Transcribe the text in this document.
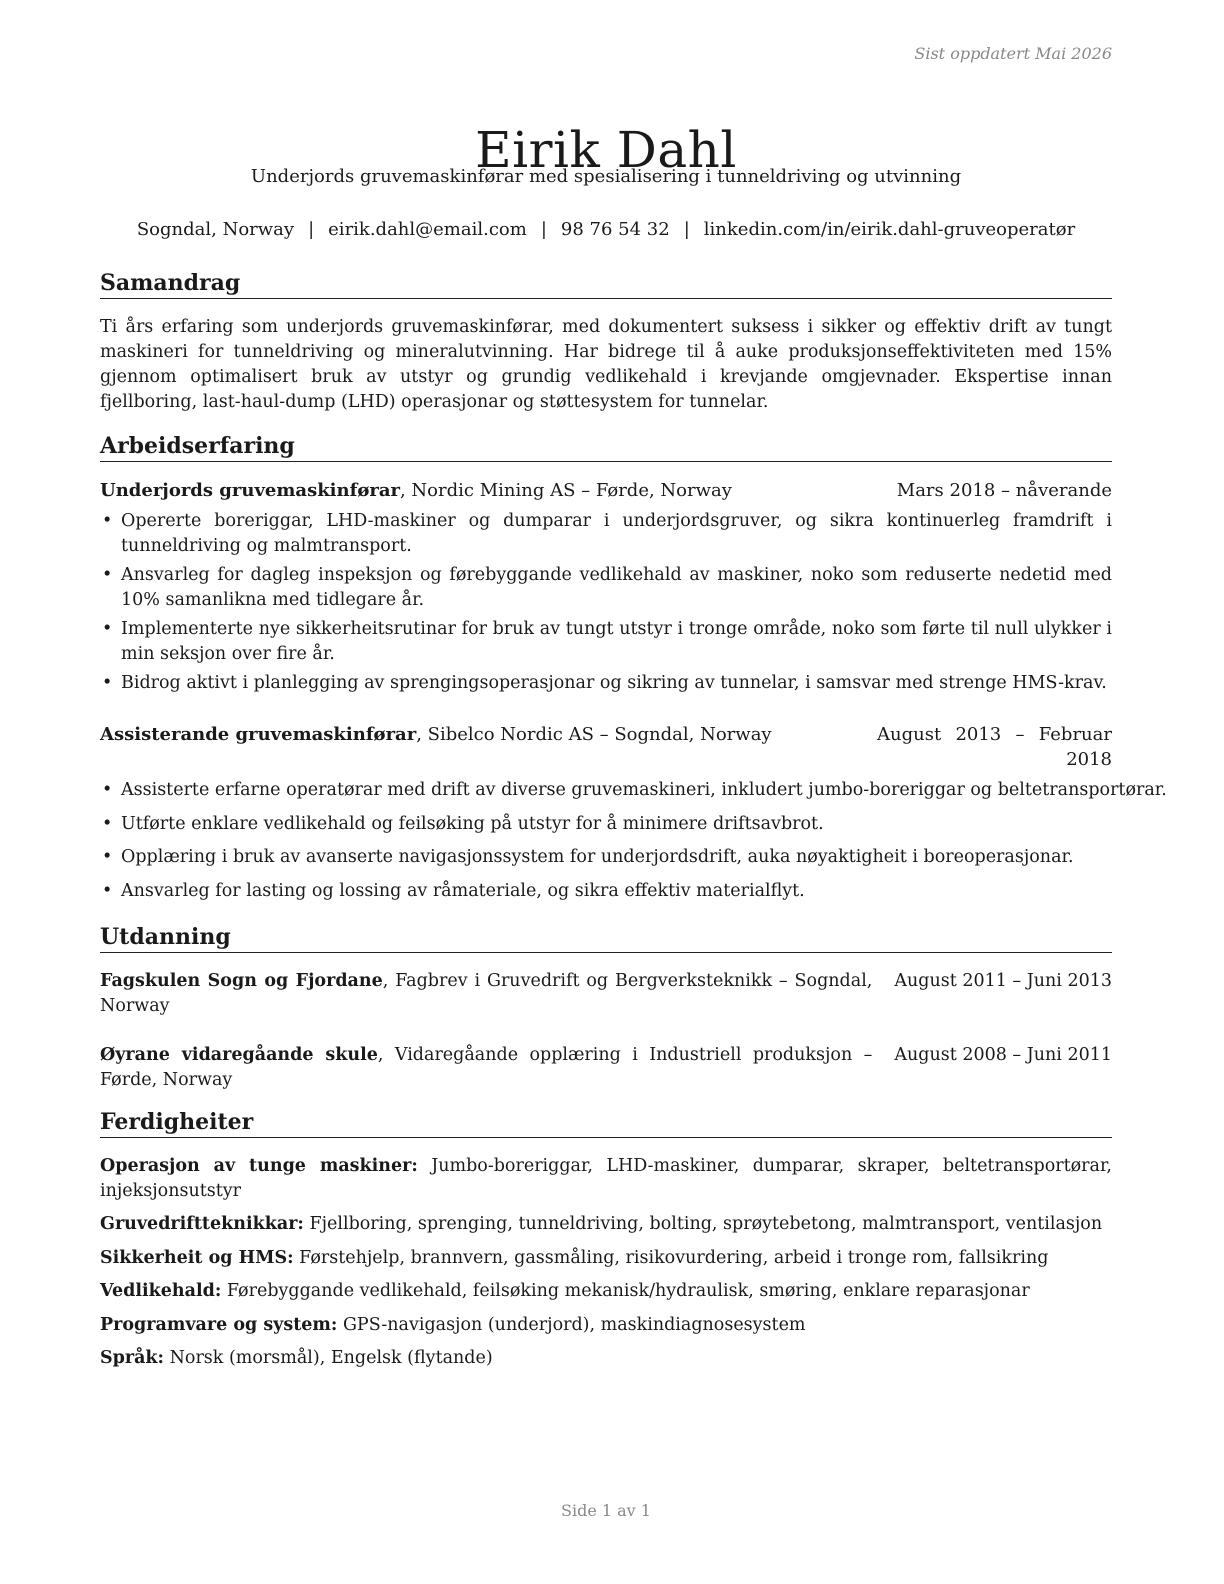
Sist oppdatert Mai 2026
Eirik Dahl
Underjords gruvemaskinførar med spesialisering i tunneldriving og utvinning
Sogndal, Norway | eirik.dahl@email.com | 98 76 54 32 | linkedin.com/in/eirik.dahl-gruveoperatør
Samandrag

Ti års erfaring som underjords gruvemaskinførar, med dokumentert suksess i sikker og effektiv drift av tungt maskineri for tunneldriving og mineralutvinning. Har bidrege til å auke produksjonseffektiviteten med 15% gjennom optimalisert bruk av utstyr og grundig vedlikehald i krevjande omgjevnader. Ekspertise innan fjellboring, last-haul-dump (LHD) operasjonar og støttesystem for tunnelar.

Arbeidserfaring
Underjords gruvemaskinførar, Nordic Mining AS – Førde, Norway	Mars 2018 – nåverande
• Opererte boreriggar, LHD-maskiner og dumparar i underjordsgruver, og sikra kontinuerleg framdrift i tunneldriving og malmtransport.
• Ansvarleg for dagleg inspeksjon og førebyggande vedlikehald av maskiner, noko som reduserte nedetid med 10% samanlikna med tidlegare år.
• Implementerte nye sikkerheitsrutinar for bruk av tungt utstyr i tronge område, noko som førte til null ulykker i min seksjon over fire år.
• Bidrog aktivt i planlegging av sprengingsoperasjonar og sikring av tunnelar, i samsvar med strenge HMS-krav.
Assisterande gruvemaskinførar, Sibelco Nordic AS – Sogndal, Norway	August 2013 – Februar 2018
• Assisterte erfarne operatørar med drift av diverse gruvemaskineri, inkludert jumbo-boreriggar og beltetransportørar.
• Utførte enklare vedlikehald og feilsøking på utstyr for å minimere driftsavbrot.
• Opplæring i bruk av avanserte navigasjonssystem for underjordsdrift, auka nøyaktigheit i boreoperasjonar.
• Ansvarleg for lasting og lossing av råmateriale, og sikra effektiv materialflyt.
Utdanning
Fagskulen Sogn og Fjordane, Fagbrev i Gruvedrift og Bergverksteknikk – Sogndal, Norway
August 2011 – Juni 2013
Øyrane vidaregåande skule, Vidaregåande opplæring i Industriell produksjon – Førde, Norway
August 2008 – Juni 2011
Ferdigheiter
Operasjon av tunge maskiner: Jumbo-boreriggar, LHD-maskiner, dumparar, skraper, beltetransportørar, injeksjonsutstyr
Gruvedriftteknikkar: Fjellboring, sprenging, tunneldriving, bolting, sprøytebetong, malmtransport, ventilasjon
Sikkerheit og HMS: Førstehjelp, brannvern, gassmåling, risikovurdering, arbeid i tronge rom, fallsikring
Vedlikehald: Førebyggande vedlikehald, feilsøking mekanisk/hydraulisk, smøring, enklare reparasjonar
Programvare og system: GPS-navigasjon (underjord), maskindiagnosesystem
Språk: Norsk (morsmål), Engelsk (flytande)
Side 1 av 1
